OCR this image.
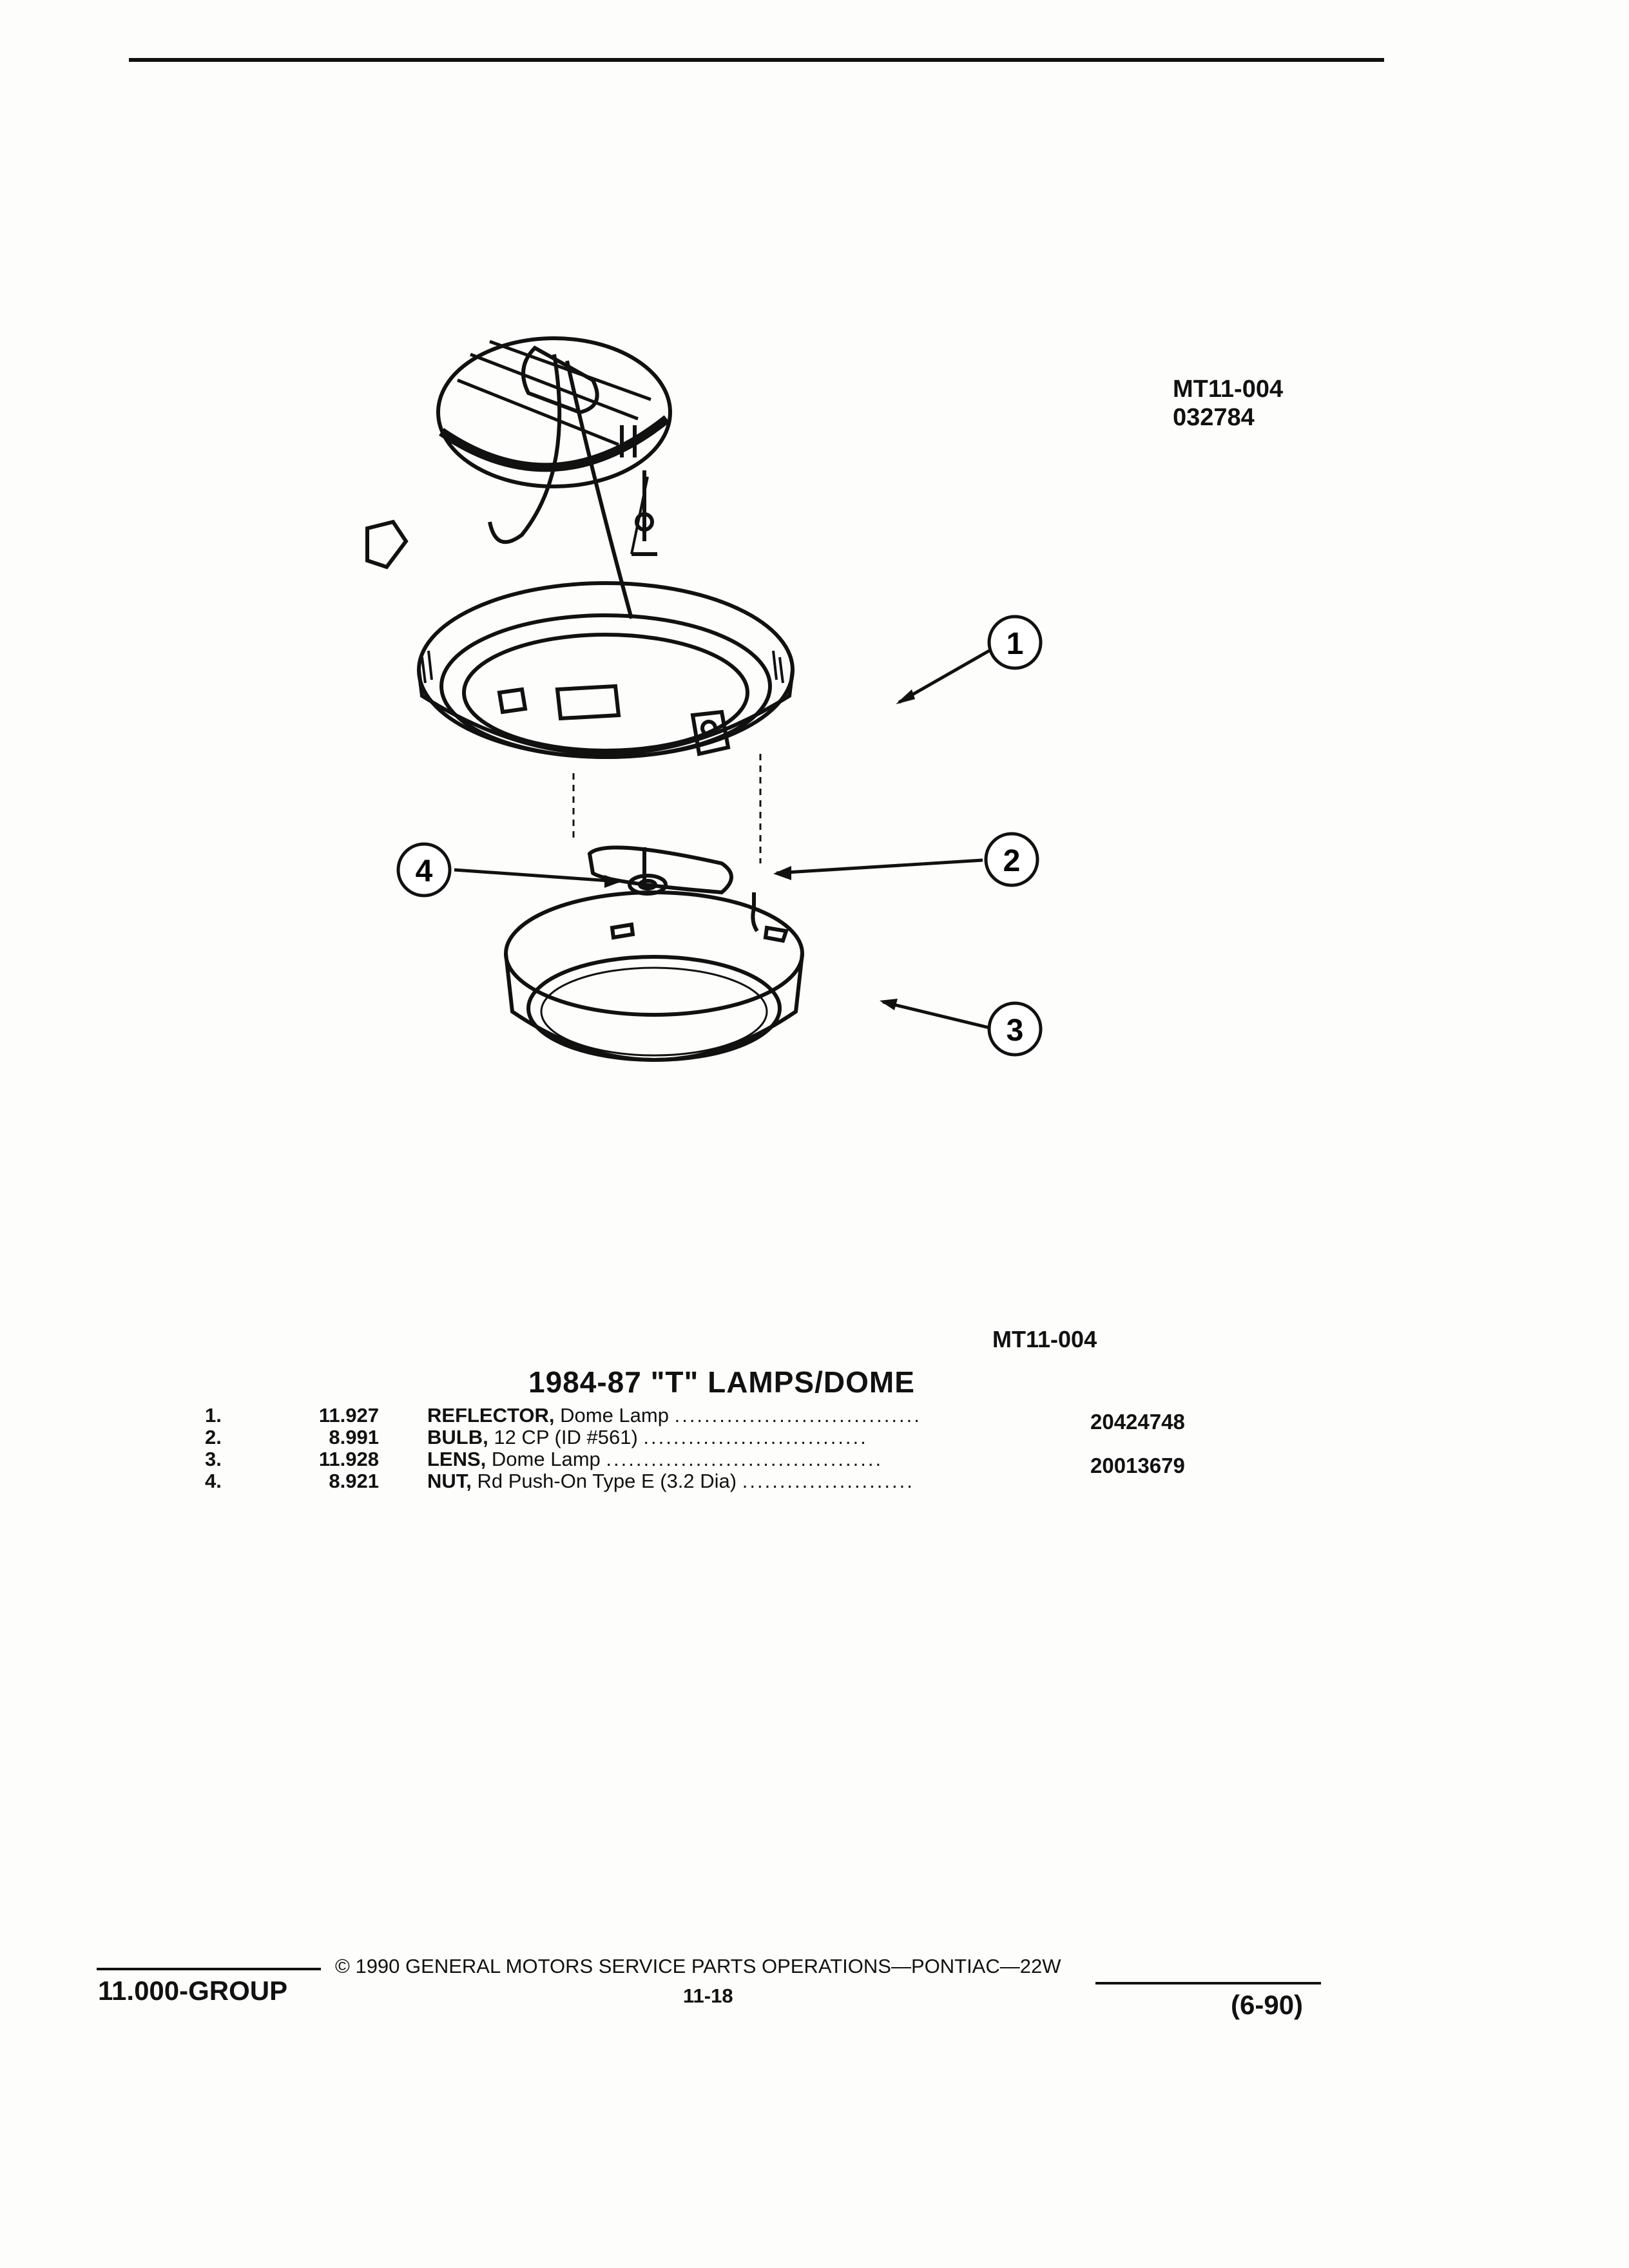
MT11-004
032784
1
2
3
4
MT11-004
1984-87 "T" LAMPS/DOME
1.	11.927 REFLECTOR, Dome Lamp .................................	20424748
2.	8.991 BULB, 12 CP (ID #561) ..............................
3.	11.928 LENS, Dome Lamp .....................................	20013679
4.	8.921 NUT, Rd Push-On Type E (3.2 Dia) .......................
11.000-GROUP
© 1990 GENERAL MOTORS SERVICE PARTS OPERATIONS—PONTIAC—22W
11-18	(6-90)
